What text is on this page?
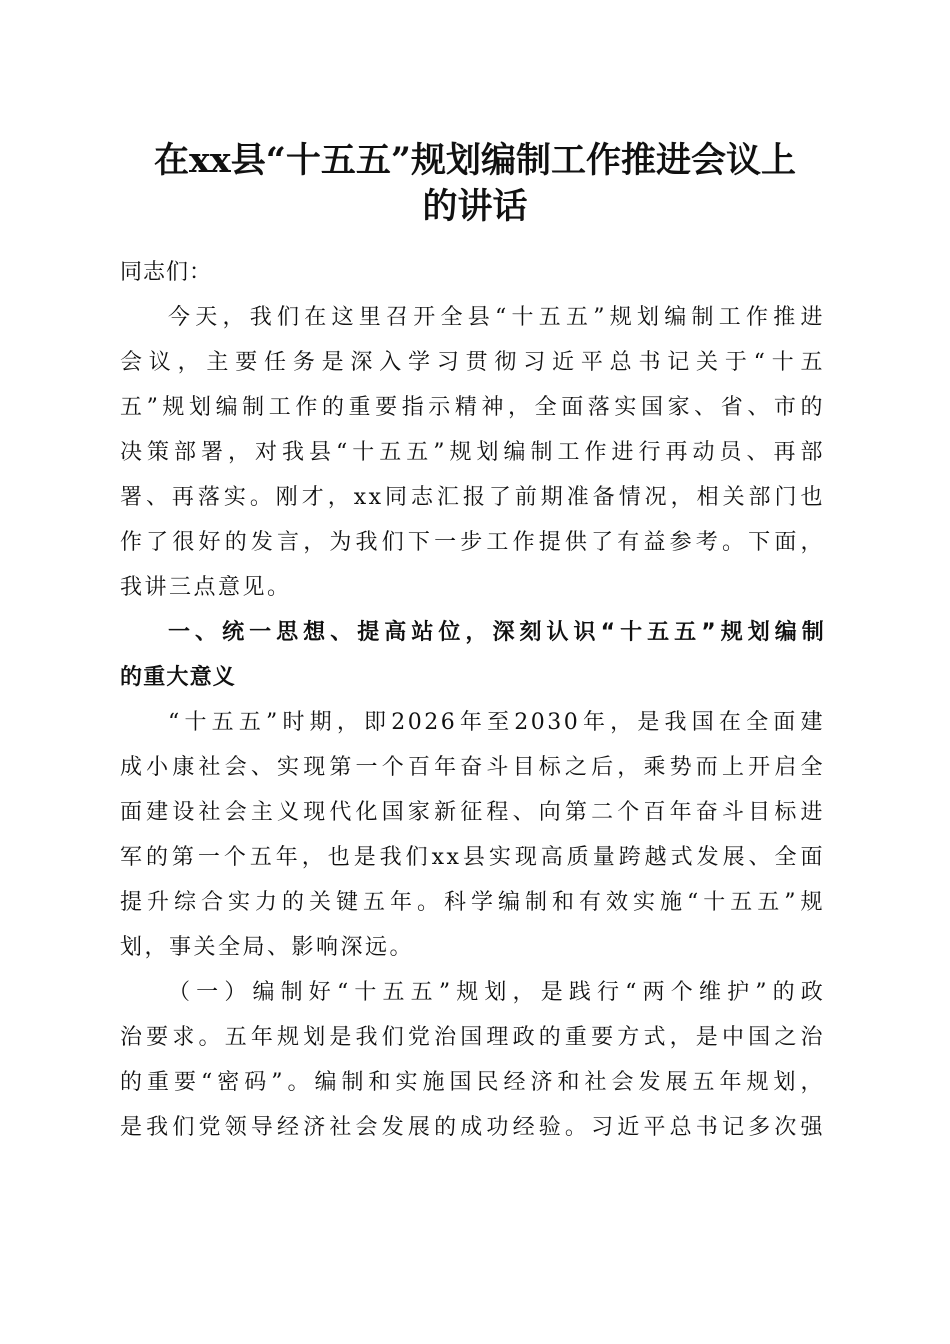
在xx县“十五五”规划编制工作推进会议上
的讲话
同志们：
今天，我们在这里召开全县“十五五”规划编制工作推进
会议，主要任务是深入学习贯彻习近平总书记关于“十五
五”规划编制工作的重要指示精神，全面落实国家、省、市的
决策部署，对我县“十五五”规划编制工作进行再动员、再部
署、再落实。刚才，xx同志汇报了前期准备情况，相关部门也
作了很好的发言，为我们下一步工作提供了有益参考。下面，
我讲三点意见。
一、统一思想、提高站位，深刻认识“十五五”规划编制
的重大意义
“十五五”时期，即2026年至2030年，是我国在全面建
成小康社会、实现第一个百年奋斗目标之后，乘势而上开启全
面建设社会主义现代化国家新征程、向第二个百年奋斗目标进
军的第一个五年，也是我们xx县实现高质量跨越式发展、全面
提升综合实力的关键五年。科学编制和有效实施“十五五”规
划，事关全局、影响深远。
（一）编制好“十五五”规划，是践行“两个维护”的政
治要求。五年规划是我们党治国理政的重要方式，是中国之治
的重要“密码”。编制和实施国民经济和社会发展五年规划，
是我们党领导经济社会发展的成功经验。习近平总书记多次强
